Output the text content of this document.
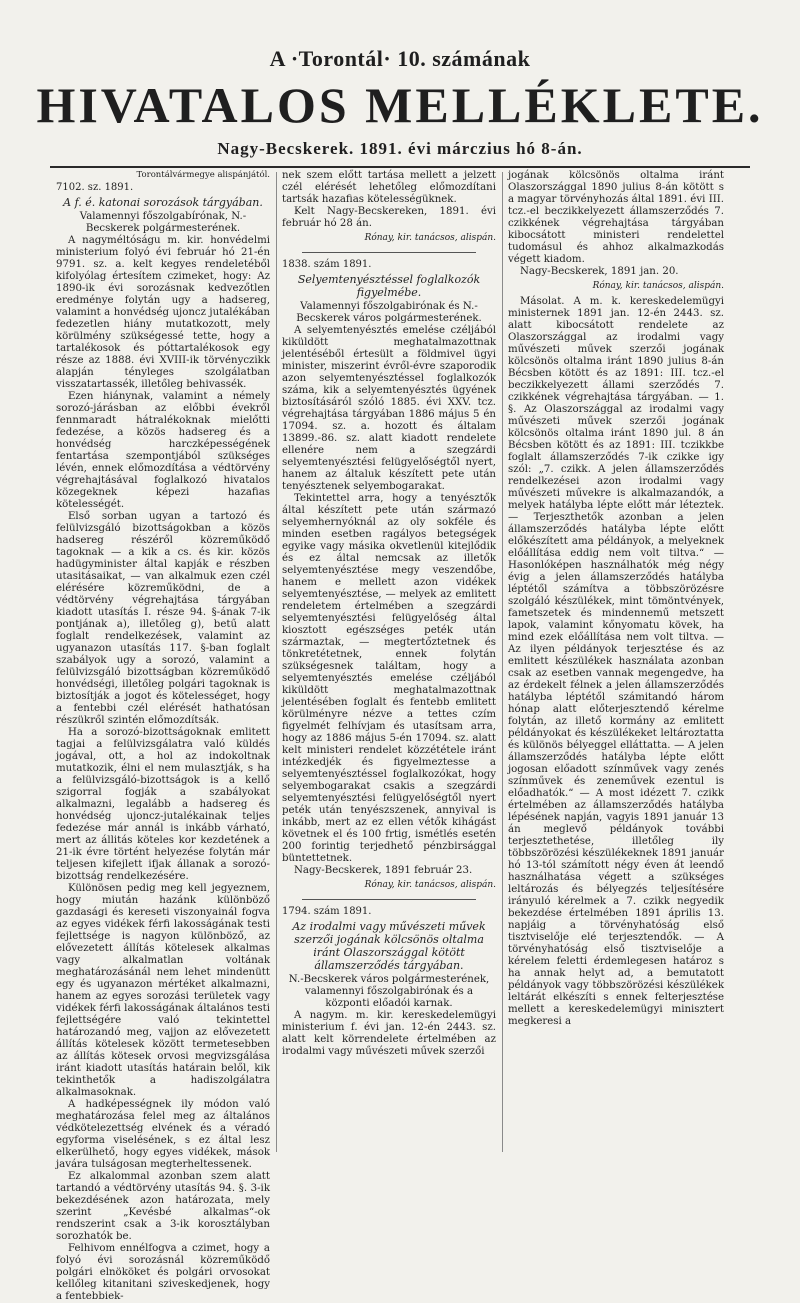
A ·Torontál· 10. számának
HIVATALOS MELLÉKLETE.
Nagy-Becskerek. 1891. évi márczius hó 8-án.
Torontálvármegye alispánjától.
7102. sz. 1891.
A f. é. katonai sorozások tárgyában.
Valamennyi főszolgabírónak, N.-Becskerek polgármesterének.

A nagyméltóságu m. kir. honvédelmi ministerium folyó évi február hó 21-én 9791. sz. a. kelt kegyes rendeletéből kifolyólag értesítem czimeket, hogy: Az 1890-ik évi sorozásnak kedvezőtlen eredménye folytán ugy a hadsereg, valamint a honvédség ujoncz jutalékában fedezetlen hiány mutatkozott, mely körülmény szükségessé tette, hogy a tartalékosok és póttartalékosok egy része az 1888. évi XVIII-ik törvényczikk alapján tényleges szolgálatban visszatartassék, illetőleg behivassék.

Ezen hiánynak, valamint a némely sorozó-járásban az előbbi évekről fennmaradt hátralékoknak mielőtti fedezése, a közös hadsereg és a honvédség harczképességének fentartása szempontjából szükséges lévén, ennek előmozdítása a védtörvény végrehajtásával foglalkozó hivatalos közegeknek képezi hazafias kötelességét.

Első sorban ugyan a tartozó és felülvizsgáló bizottságokban a közös hadsereg részéről közreműködő tagoknak — a kik a cs. és kir. közös hadügyminister által kapják e részben utasitásaikat, — van alkalmuk ezen czél elérésére közreműködni, de a védtörvény végrehajtása tárgyában kiadott utasítás I. része 94. §-ának 7-ik pontjának a), illetőleg g), betű alatt foglalt rendelkezések, valamint az ugyanazon utasítás 117. §-ban foglalt szabályok ugy a sorozó, valamint a felülvizsgáló bizottságban közreműködő honvédségi, illetőleg polgári tagoknak is biztosítják a jogot és kötelességet, hogy a fentebbi czél elérését hathatósan részükről szintén előmozdítsák.

Ha a sorozó-bizottságoknak emlitett tagjai a felülvizsgálatra való küldés jogával, ott, a hol az indokoltnak mutatkozik, élni el nem mulasztják, s ha a felülvizsgáló-bizottságok is a kellő szigorral fogják a szabályokat alkalmazni, legalább a hadsereg és honvédség ujoncz-jutalékainak teljes fedezése már annál is inkább várható, mert az állitás köteles kor kezdetének a 21-ik évre történt helyezése folytán már teljesen kifejlett ifjak állanak a sorozó-bizottság rendelkezésére.

Különösen pedig meg kell jegyeznem, hogy miután hazánk különböző gazdasági és kereseti viszonyainál fogva az egyes vidékek férfi lakosságának testi fejlettsége is nagyon különböző, az elővezetett állítás kötelesek alkalmas vagy alkalmatlan voltának meghatározásánál nem lehet mindenütt egy és ugyanazon mértéket alkalmazni, hanem az egyes sorozási területek vagy vidékek férfi lakosságának általános testi fejlettségére való tekintettel határozandó meg, vajjon az elővezetett állítás kötelesek között termetesebben az állítás kötesek orvosi megvizsgálása iránt kiadott utasítás határain belől, kik tekinthetők a hadiszolgálatra alkalmasoknak.

A hadképességnek ily módon való meghatározása felel meg az általános védkötelezettség elvének és a véradó egyforma viselésének, s ez által lesz elkerülhető, hogy egyes vidékek, mások javára tulságosan megterheltessenek.

Ez alkalommal azonban szem alatt tartandó a védtörvény utasítás 94. §. 3-ik bekezdésének azon határozata, mely szerint „Kevésbé alkalmas“-ok rendszerint csak a 3-ik korosztályban sorozhatók be.

Felhivom ennélfogva a czimet, hogy a folyó évi sorozásnál közreműködő polgári elnököket és polgári orvosokat kellőleg kitanitani sziveskedjenek, hogy a fentebbiek-

nek szem előtt tartása mellett a jelzett czél elérését lehetőleg előmozdítani tartsák hazafias kötelességüknek.

Kelt Nagy-Becskereken, 1891. évi február hó 28 án.

Rónay, kir. tanácsos, alispán.
1838. szám 1891.
Selyemtenyésztéssel foglalkozók figyelmébe.
Valamennyi főszolgabirónak és N.-Becskerek város polgármesterének.

A selyemtenyésztés emelése czéljából kiküldött meghatalmazottnak jelentéséből értesült a földmivel ügyi minister, miszerint évről-évre szaporodik azon selyemtenyésztéssel foglalkozók száma, kik a selyemtenyésztés ügyének biztosításáról szóló 1885. évi XXV. tcz. végrehajtása tárgyában 1886 május 5 én 17094. sz. a. hozott és általam 13899.-86. sz. alatt kiadott rendelete ellenére nem a szegzárdi selyemtenyésztési felügyelőségtől nyert, hanem az általuk készített pete után tenyésztenek selyembogarakat.

Tekintettel arra, hogy a tenyésztők által készített pete után származó selyemhernyóknál az oly sokféle és minden esetben ragályos betegségek egyike vagy másika okvetlenül kitejlődik és ez által nemcsak az illetők selyemtenyésztése megy veszendőbe, hanem e mellett azon vidékek selyemtenyésztése, — melyek az emlitett rendeletem értelmében a szegzárdi selyemtenyésztési felügyelőség által kiosztott egészséges peték után származtak, — megtertőztetnek és tönkretétetnek, ennek folytán szükségesnek találtam, hogy a selyemtenyésztés emelése czéljából kiküldött meghatalmazottnak jelentésében foglalt és fentebb emlitett körülményre nézve a tettes czím figyelmét felhívjam és utasítsam arra, hogy az 1886 május 5-én 17094. sz. alatt kelt ministeri rendelet közzététele iránt intézkedjék és figyelmeztesse a selyemtenyésztéssel foglalkozókat, hogy selyembogarakat csakis a szegzárdi selyemtenyésztési felügyelőségtől nyert peték után tenyészszenek, annyival is inkább, mert az ez ellen vétők kihágást követnek el és 100 frtig, ismétlés esetén 200 forintig terjedhető pénzbirsággal büntettetnek.

Nagy-Becskerek, 1891 február 23.

Rónay, kir. tanácsos, alispán.
1794. szám 1891.
Az irodalmi vagy művészeti művek szerzői jogának kölcsönös oltalma iránt Olaszországgal kötött államszerződés tárgyában.
N.-Becskerek város polgármesterének, valamennyi főszolgabirónak és a központi előadói karnak.

A nagym. m. kir. kereskedelemügyi ministerium f. évi jan. 12-én 2443. sz. alatt kelt körrendelete értelmében az irodalmi vagy művészeti művek szerzői

jogának kölcsönös oltalma iránt Olaszországgal 1890 julius 8-án kötött s a magyar törvényhozás által 1891. évi III. tcz.-el beczikkelyezett államszerződés 7. czikkének végrehajtása tárgyában kibocsátott ministeri rendelettel tudomásul és ahhoz alkalmazkodás végett kiadom.

Nagy-Becskerek, 1891 jan. 20.

Rónay, kir. tanácsos, alispán.

Másolat. A m. k. kereskedelemügyi ministernek 1891 jan. 12-én 2443. sz. alatt kibocsátott rendelete az Olaszországgal az irodalmi vagy művészeti művek szerzői jogának kölcsönös oltalma iránt 1890 julius 8-án Bécsben kötött és az 1891: III. tcz.-el beczikkelyezett állami szerződés 7. czikkének végrehajtása tárgyában. — 1. §. Az Olaszországgal az irodalmi vagy művészeti művek szerzői jogának kölcsönös oltalma iránt 1890 jul. 8 án Bécsben kötött és az 1891: III. tczikkbe foglalt államszerződés 7-ik czikke igy szól: „7. czikk. A jelen államszerződés rendelkezései azon irodalmi vagy művészeti művekre is alkalmazandók, a melyek hatályba lépte előtt már léteztek. — Terjeszthetők azonban a jelen államszerződés hatályba lépte előtt előkészített ama példányok, a melyeknek előállítása eddig nem volt tiltva.“ — Hasonlóképen használhatók még négy évig a jelen államszerződés hatályba léptétől számítva a többszörözésre szolgáló készülékek, mint tömöntvények, fametszetek és mindennemű metszett lapok, valamint kőnyomatu kövek, ha mind ezek előállítása nem volt tiltva. — Az ilyen példányok terjesztése és az emlitett készülékek használata azonban csak az esetben vannak megengedve, ha az érdekelt félnek a jelen államszerződés hatályba léptétől számitandó három hónap alatt előterjesztendő kérelme folytán, az illető kormány az emlitett példányokat és készülékeket leltároztatta és különös bélyeggel elláttatta. — A jelen államszerződés hatályba lépte előtt jogosan előadott színművek vagy zenés színművek és zeneművek ezentul is előadhatók.“ — A most idézett 7. czikk értelmében az államszerződés hatályba lépésének napján, vagyis 1891 január 13 án meglevő példányok további terjesztethetése, illetőleg ily többszörözési készülékeknek 1891 január hó 13-tól számított négy éven át leendő használhatása végett a szükséges leltározás és bélyegzés teljesítésére irányuló kérelmek a 7. czikk negyedik bekezdése értelmében 1891 április 13. napjáig a törvényhatóság első tisztviselője elé terjesztendők. — A törvényhatóság első tisztviselője a kérelem feletti érdemlegesen határoz s ha annak helyt ad, a bemutatott példányok vagy többszörözési készülékek leltárát elkészíti s ennek felterjesztése mellett a kereskedelemügyi minisztert megkeresi a
